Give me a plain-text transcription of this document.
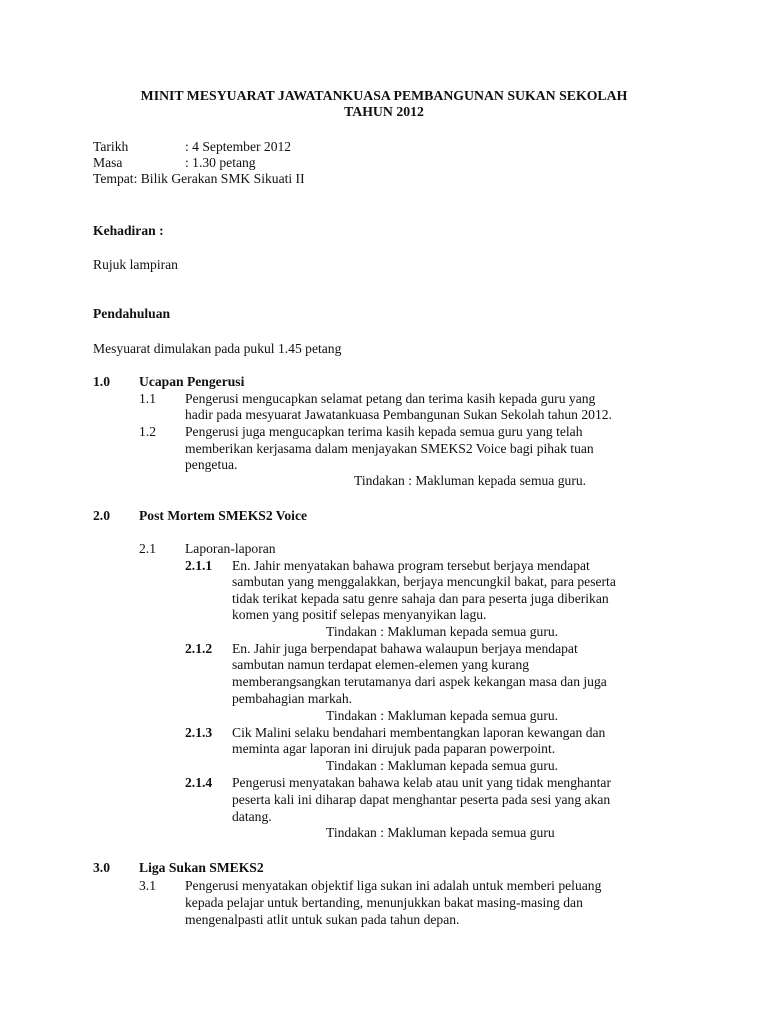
MINIT MESYUARAT JAWATANKUASA PEMBANGUNAN SUKAN SEKOLAH
TAHUN 2012
Tarikh	: 4 September 2012
Masa	: 1.30 petang
Tempat: Bilik Gerakan SMK Sikuati II
Kehadiran :
Rujuk lampiran
Pendahuluan
Mesyuarat dimulakan pada pukul 1.45 petang
1.0 Ucapan Pengerusi
1.1 Pengerusi mengucapkan selamat petang dan terima kasih kepada guru yang
hadir pada mesyuarat Jawatankuasa Pembangunan Sukan Sekolah tahun 2012.
1.2 Pengerusi juga mengucapkan terima kasih kepada semua guru yang telah
memberikan kerjasama dalam menjayakan SMEKS2 Voice bagi pihak tuan
pengetua.
Tindakan : Makluman kepada semua guru.
2.0 Post Mortem SMEKS2 Voice
2.1 Laporan-laporan
2.1.1 En. Jahir menyatakan bahawa program tersebut berjaya mendapat
sambutan yang menggalakkan, berjaya mencungkil bakat, para peserta
tidak terikat kepada satu genre sahaja dan para peserta juga diberikan
komen yang positif selepas menyanyikan lagu.
Tindakan : Makluman kepada semua guru.
2.1.2 En. Jahir juga berpendapat bahawa walaupun berjaya mendapat
sambutan namun terdapat elemen-elemen yang kurang
memberangsangkan terutamanya dari aspek kekangan masa dan juga
pembahagian markah.
Tindakan : Makluman kepada semua guru.
2.1.3 Cik Malini selaku bendahari membentangkan laporan kewangan dan
meminta agar laporan ini dirujuk pada paparan powerpoint.
Tindakan : Makluman kepada semua guru.
2.1.4 Pengerusi menyatakan bahawa kelab atau unit yang tidak menghantar
peserta kali ini diharap dapat menghantar peserta pada sesi yang akan
datang.
Tindakan : Makluman kepada semua guru
3.0 Liga Sukan SMEKS2
3.1 Pengerusi menyatakan objektif liga sukan ini adalah untuk memberi peluang
kepada pelajar untuk bertanding, menunjukkan bakat masing-masing dan
mengenalpasti atlit untuk sukan pada tahun depan.
